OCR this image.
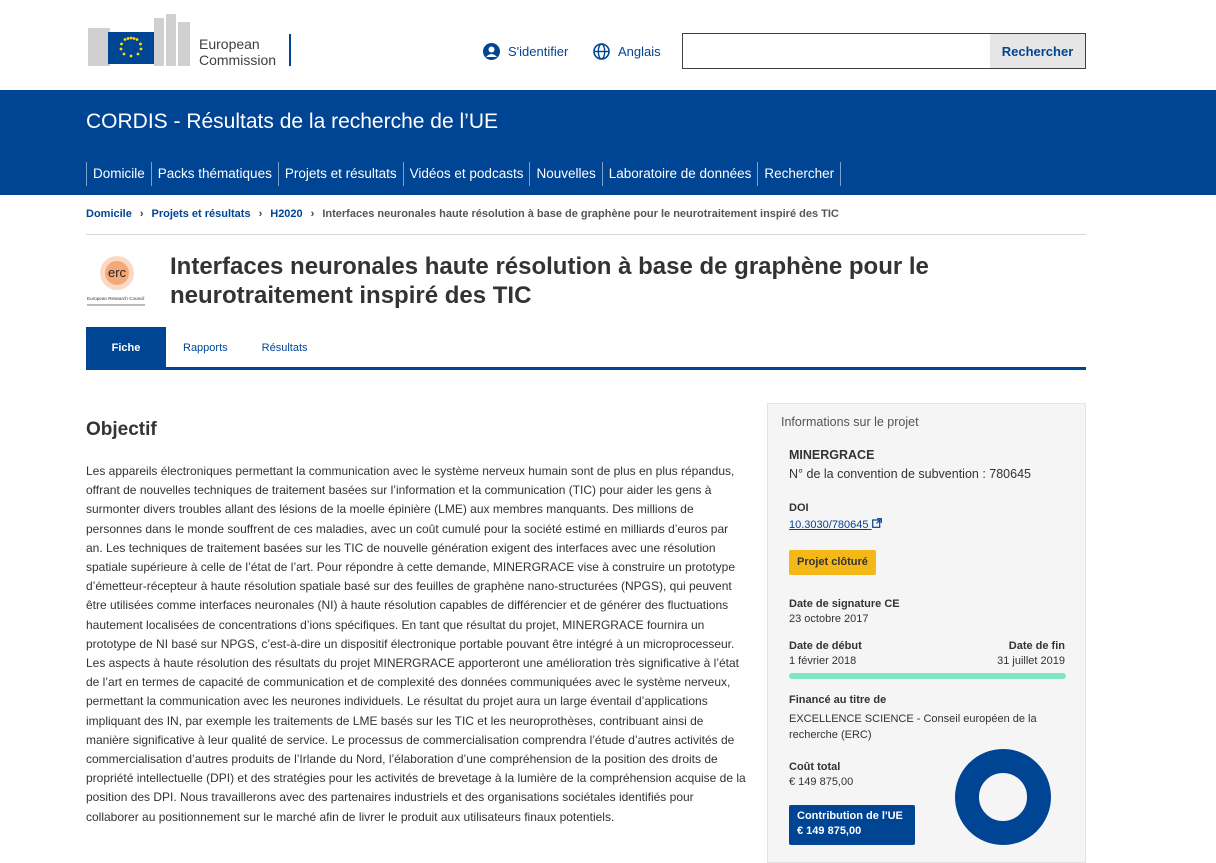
European
Commission
S'identifier	Anglais	Rechercher
CORDIS - Résultats de la recherche de l’UE
Domicile Packs thématiques Projets et résultats Vidéos et podcasts Nouvelles Laboratoire de données Rechercher
Domicile › Projets et résultats › H2020 › Interfaces neuronales haute résolution à base de graphène pour le neurotraitement inspiré des TIC
erc
European Research Council
Interfaces neuronales haute résolution à base de graphène pour le neurotraitement inspiré des TIC
Fiche	Rapports	Résultats
Objectif
Les appareils électroniques permettant la communication avec le système nerveux humain sont de plus en plus répandus, offrant de nouvelles techniques de traitement basées sur l’information et la communication (TIC) pour aider les gens à surmonter divers troubles allant des lésions de la moelle épinière (LME) aux membres manquants. Des millions de personnes dans le monde souffrent de ces maladies, avec un coût cumulé pour la société estimé en milliards d’euros par an. Les techniques de traitement basées sur les TIC de nouvelle génération exigent des interfaces avec une résolution spatiale supérieure à celle de l’état de l’art. Pour répondre à cette demande, MINERGRACE vise à construire un prototype d’émetteur-récepteur à haute résolution spatiale basé sur des feuilles de graphène nano-structurées (NPGS), qui peuvent être utilisées comme interfaces neuronales (NI) à haute résolution capables de différencier et de générer des fluctuations hautement localisées de concentrations d’ions spécifiques. En tant que résultat du projet, MINERGRACE fournira un prototype de NI basé sur NPGS, c’est-à-dire un dispositif électronique portable pouvant être intégré à un microprocesseur. Les aspects à haute résolution des résultats du projet MINERGRACE apporteront une amélioration très significative à l’état de l’art en termes de capacité de communication et de complexité des données communiquées avec le système nerveux, permettant la communication avec les neurones individuels. Le résultat du projet aura un large éventail d’applications impliquant des IN, par exemple les traitements de LME basés sur les TIC et les neuroprothèses, contribuant ainsi de manière significative à leur qualité de service. Le processus de commercialisation comprendra l’étude d’autres activités de commercialisation d’autres produits de l’Irlande du Nord, l’élaboration d’une compréhension de la position des droits de propriété intellectuelle (DPI) et des stratégies pour les activités de brevetage à la lumière de la compréhension acquise de la position des DPI. Nous travaillerons avec des partenaires industriels et des organisations sociétales identifiés pour collaborer au positionnement sur le marché afin de livrer le produit aux utilisateurs finaux potentiels.
Informations sur le projet
MINERGRACE
N° de la convention de subvention : 780645
DOI
10.3030/780645
Projet clôturé
Date de signature CE
23 octobre 2017
Date de début
1 février 2018
Date de fin
31 juillet 2019
Financé au titre de
EXCELLENCE SCIENCE - Conseil européen de la recherche (ERC)
Coût total
€ 149 875,00
Contribution de l'UE
€ 149 875,00
